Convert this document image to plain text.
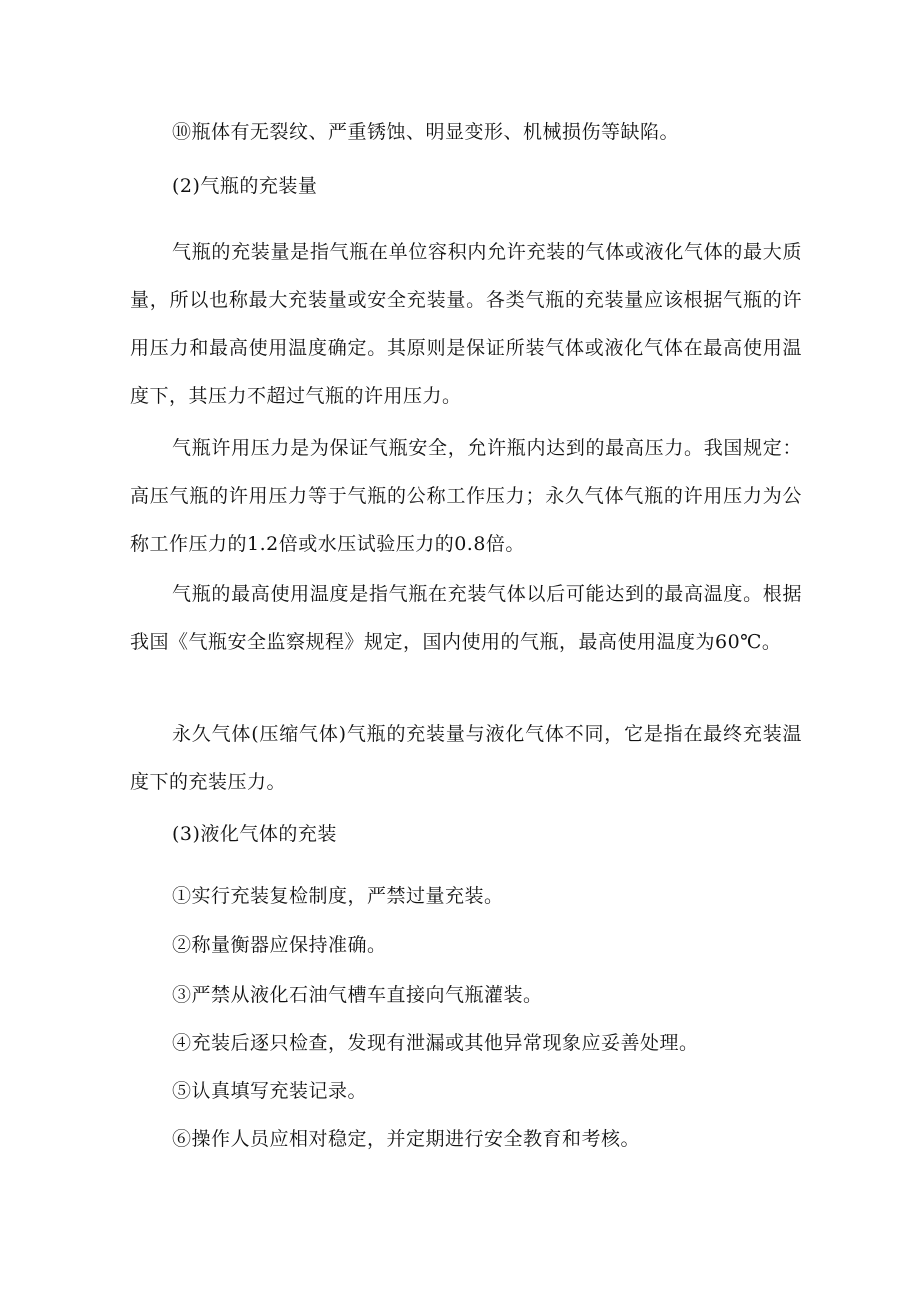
⑩瓶体有无裂纹、严重锈蚀、明显变形、机械损伤等缺陷。
(2)气瓶的充装量
气瓶的充装量是指气瓶在单位容积内允许充装的气体或液化气体的最大质量，所以也称最大充装量或安全充装量。各类气瓶的充装量应该根据气瓶的许用压力和最高使用温度确定。其原则是保证所装气体或液化气体在最高使用温度下，其压力不超过气瓶的许用压力。
气瓶许用压力是为保证气瓶安全，允许瓶内达到的最高压力。我国规定：高压气瓶的许用压力等于气瓶的公称工作压力；永久气体气瓶的许用压力为公称工作压力的1.2倍或水压试验压力的0.8倍。
气瓶的最高使用温度是指气瓶在充装气体以后可能达到的最高温度。根据我国《气瓶安全监察规程》规定，国内使用的气瓶，最高使用温度为60℃。
永久气体(压缩气体)气瓶的充装量与液化气体不同，它是指在最终充装温度下的充装压力。
(3)液化气体的充装
①实行充装复检制度，严禁过量充装。
②称量衡器应保持准确。
③严禁从液化石油气槽车直接向气瓶灌装。
④充装后逐只检查，发现有泄漏或其他异常现象应妥善处理。
⑤认真填写充装记录。
⑥操作人员应相对稳定，并定期进行安全教育和考核。
